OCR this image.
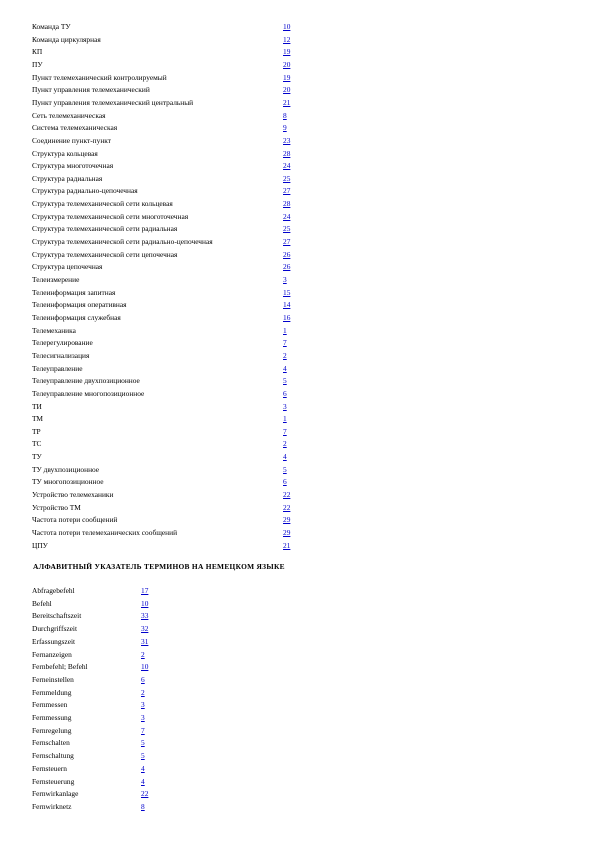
Команда ТУ	10
Команда циркулярная	12
КП	19
ПУ	20
Пункт телемеханический контролируемый	19
Пункт управления телемеханический	20
Пункт управления телемеханический центральный	21
Сеть телемеханическая	8
Система телемеханическая	9
Соединение пункт-пункт	23
Структура кольцевая	28
Структура многоточечная	24
Структура радиальная	25
Структура радиально-цепочечная	27
Структура телемеханической сети кольцевая	28
Структура телемеханической сети многоточечная	24
Структура телемеханической сети радиальная	25
Структура телемеханической сети радиально-цепочечная	27
Структура телемеханической сети цепочечная	26
Структура цепочечная	26
Телеизмерение	3
Телеинформация запитная	15
Телеинформация оперативная	14
Телеинформация служебная	16
Телемеханика	1
Телерегулирование	7
Телесигнализация	2
Телеуправление	4
Телеуправление двухпозиционное	5
Телеуправление многопозиционное	6
ТИ	3
ТМ	1
ТР	7
ТС	2
ТУ	4
ТУ двухпозиционное	5
ТУ многопозиционное	6
Устройство телемеханики	22
Устройство ТМ	22
Частота потери сообщений	29
Частота потери телемеханических сообщений	29
ЦПУ	21
АЛФАВИТНЫЙ УКАЗАТЕЛЬ ТЕРМИНОВ НА НЕМЕЦКОМ ЯЗЫКЕ
Abfragebefehl	17
Befehl	10
Bereitschaftszeit	33
Durchgriffszeit	32
Erfassungszeit	31
Fernanzeigen	2
Fernbefehl; Befehl	10
Ferneinstellen	6
Fernmeldung	2
Fernmessen	3
Fernmessung	3
Fernregelung	7
Fernschalten	5
Fernschaltung	5
Fernsteuern	4
Fernsteuerung	4
Fernwirkanlage	22
Fernwirknetz	8
